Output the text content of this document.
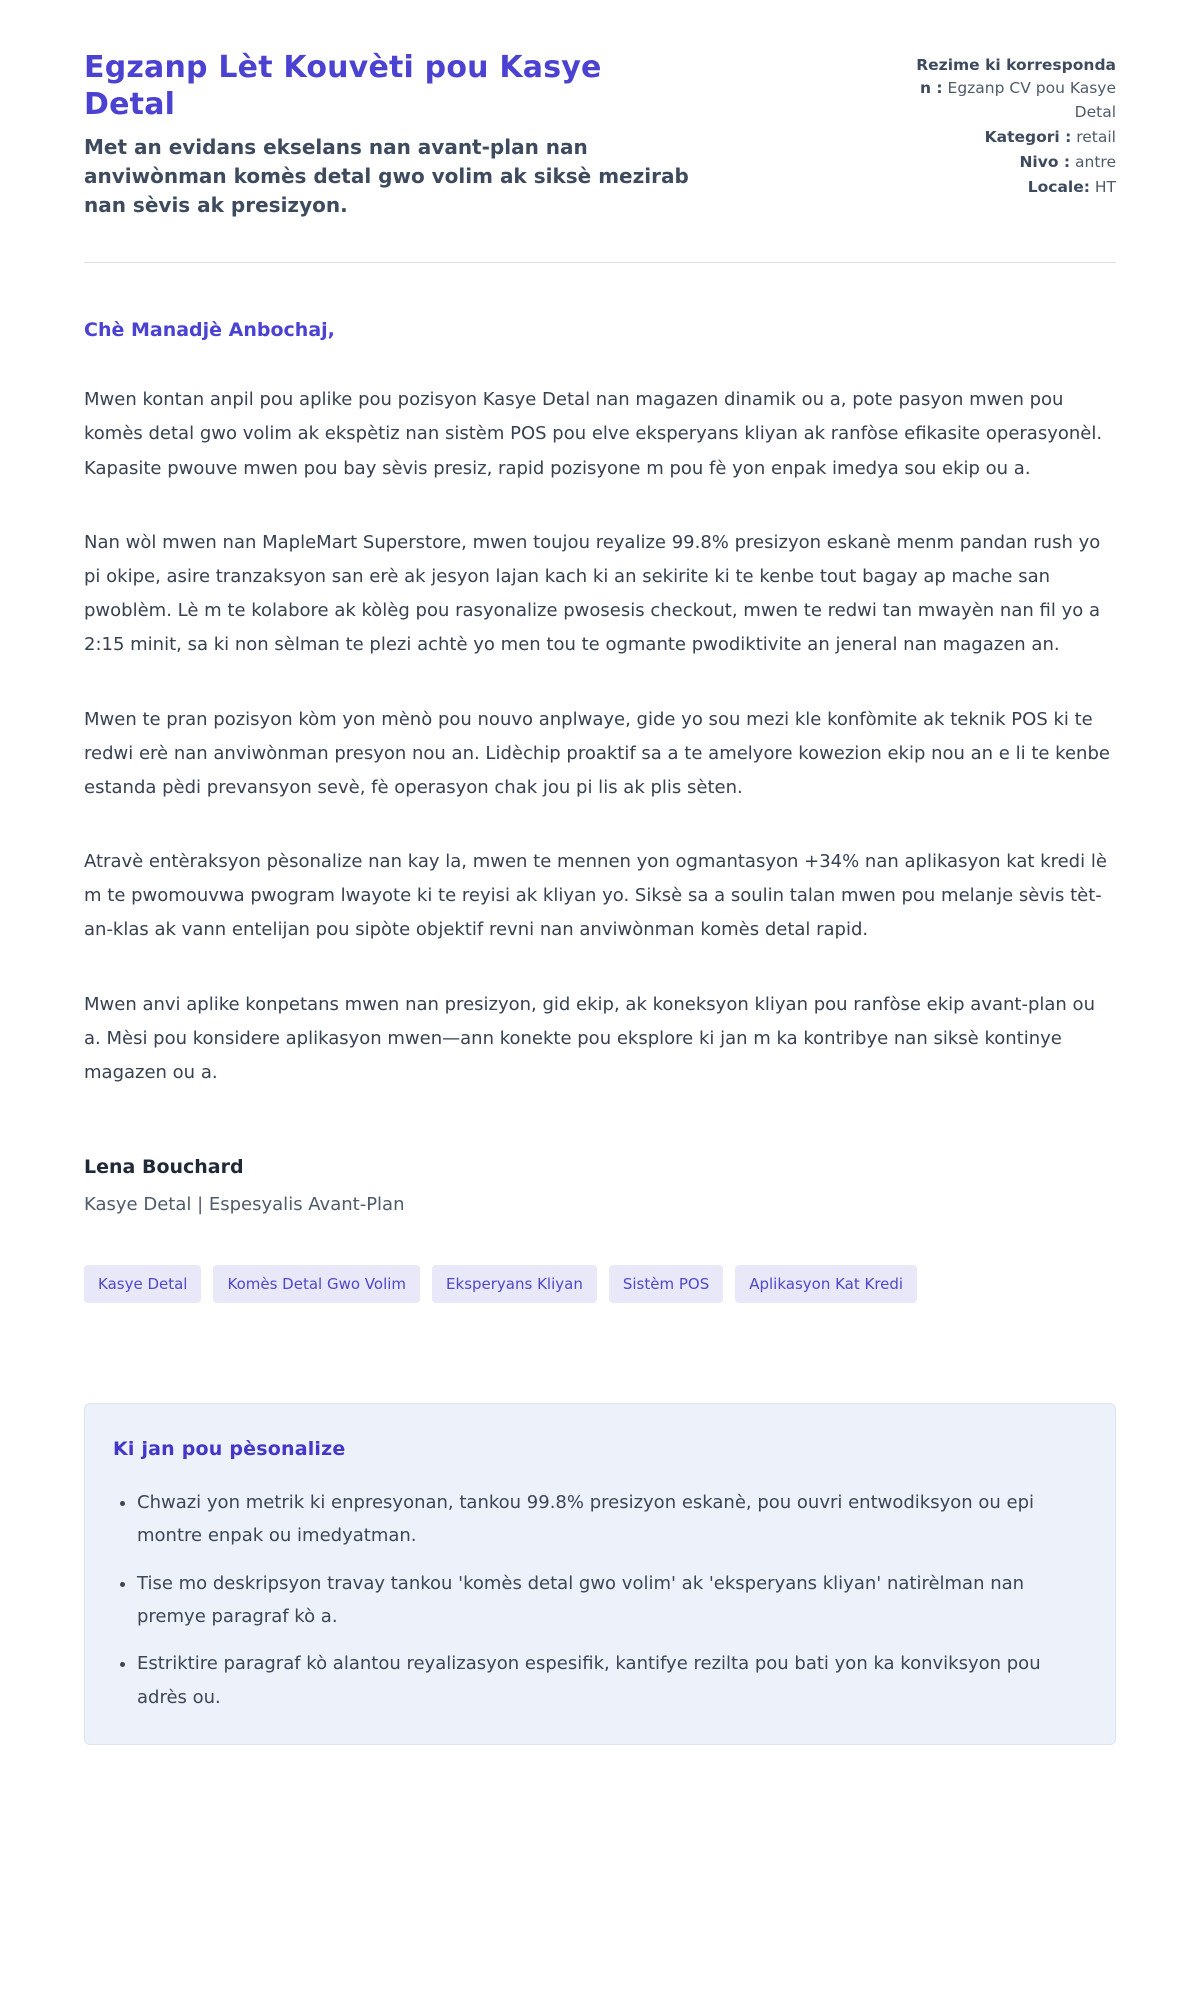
Egzanp Lèt Kouvèti pou Kasye Detal

Met an evidans ekselans nan avant-plan nan anviwònman komès detal gwo volim ak siksè mezirab nan sèvis ak presizyon.

Rezime ki korrespondan : Egzanp CV pou Kasye Detal
Kategori : retail
Nivo : antre
Locale: HT

Chè Manadjè Anbochaj,

Mwen kontan anpil pou aplike pou pozisyon Kasye Detal nan magazen dinamik ou a, pote pasyon mwen pou komès detal gwo volim ak ekspètiz nan sistèm POS pou elve eksperyans kliyan ak ranfòse efikasite operasyonèl. Kapasite pwouve mwen pou bay sèvis presiz, rapid pozisyone m pou fè yon enpak imedya sou ekip ou a.

Nan wòl mwen nan MapleMart Superstore, mwen toujou reyalize 99.8% presizyon eskanè menm pandan rush yo pi okipe, asire tranzaksyon san erè ak jesyon lajan kach ki an sekirite ki te kenbe tout bagay ap mache san pwoblèm. Lè m te kolabore ak kòlèg pou rasyonalize pwosesis checkout, mwen te redwi tan mwayèn nan fil yo a 2:15 minit, sa ki non sèlman te plezi achtè yo men tou te ogmante pwodiktivite an jeneral nan magazen an.

Mwen te pran pozisyon kòm yon mènò pou nouvo anplwaye, gide yo sou mezi kle konfòmite ak teknik POS ki te redwi erè nan anviwònman presyon nou an. Lidèchip proaktif sa a te amelyore kowezion ekip nou an e li te kenbe estanda pèdi prevansyon sevè, fè operasyon chak jou pi lis ak plis sèten.

Atravè entèraksyon pèsonalize nan kay la, mwen te mennen yon ogmantasyon +34% nan aplikasyon kat kredi lè m te pwomouvwa pwogram lwayote ki te reyisi ak kliyan yo. Siksè sa a soulin talan mwen pou melanje sèvis tèt-an-klas ak vann entelijan pou sipòte objektif revni nan anviwònman komès detal rapid.

Mwen anvi aplike konpetans mwen nan presizyon, gid ekip, ak koneksyon kliyan pou ranfòse ekip avant-plan ou a. Mèsi pou konsidere aplikasyon mwen—ann konekte pou eksplore ki jan m ka kontribye nan siksè kontinye magazen ou a.

Lena Bouchard

Kasye Detal | Espesyalis Avant-Plan

Kasye Detal	Komès Detal Gwo Volim	Eksperyans Kliyan	Sistèm POS	Aplikasyon Kat Kredi
Ki jan pou pèsonalize
• Chwazi yon metrik ki enpresyonan, tankou 99.8% presizyon eskanè, pou ouvri entwodiksyon ou epi montre enpak ou imedyatman.
• Tise mo deskripsyon travay tankou 'komès detal gwo volim' ak 'eksperyans kliyan' natirèlman nan premye paragraf kò a.
• Estriktire paragraf kò alantou reyalizasyon espesifik, kantifye rezilta pou bati yon ka konviksyon pou adrès ou.
